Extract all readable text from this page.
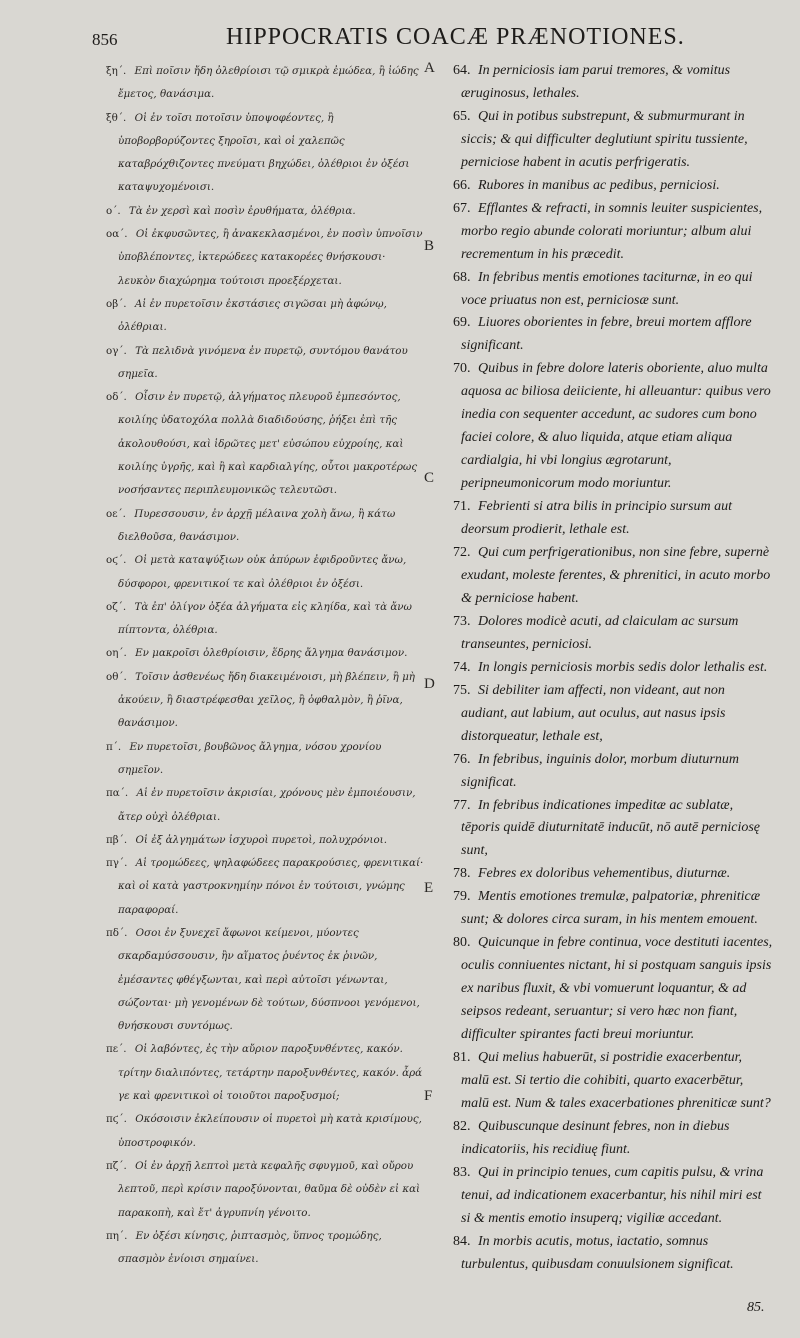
856	HIPPOCRATIS COACÆ PRÆNOTIONES.

ξη΄. Επὶ ποῖσιν ἤδη ὀλεθρίοισι τῷ σμικρὰ ἐμώδεα, ἢ ἰώδης ἔμετος, θανάσιμα.

ξθ΄. Οἱ ἐν τοῖσι ποτοῖσιν ὑποψοφέοντες, ἢ ὑποβορβορύζοντες ξηροῖσι, καὶ οἱ χαλεπῶς καταβρόχθιζοντες πνεύματι βηχώδει, ὀλέθριοι ἐν ὀξέσι καταψυχομένοισι.

ο΄. Τὰ ἐν χερσὶ καὶ ποσὶν ἐρυθήματα, ὀλέθρια.

οα΄. Οἱ ἐκφυσῶντες, ἢ ἀνακεκλασμένοι, ἐν ποσὶν ὑπνοῖσιν ὑποβλέποντες, ἰκτερώδεες κατακορέες θνήσκουσι· λευκὸν διαχώρημα τούτοισι προεξέρχεται.

οβ΄. Αἱ ἐν πυρετοῖσιν ἐκστάσιες σιγῶσαι μὴ ἀφώνῳ, ὀλέθριαι.

ογ΄. Τὰ πελιδνὰ γινόμενα ἐν πυρετῷ, συντόμου θανάτου σημεῖα.

οδ΄. Οἷσιν ἐν πυρετῷ, ἀλγήματος πλευροῦ ἐμπεσόντος, κοιλίης ὑδατοχόλα πολλὰ διαδιδούσης, ῥήξει ἐπὶ τῆς ἀκολουθούσι, καὶ ἱδρῶτες μετ' εὐσώπου εὐχροίης, καὶ κοιλίης ὑγρῆς, καὶ ἢ καὶ καρδιαλγίης, οὗτοι μακροτέρως νοσήσαντες περιπλευμονικῶς τελευτῶσι.

οε΄. Πυρεσσουσιν, ἐν ἀρχῇ μέλαινα χολὴ ἄνω, ἢ κάτω διελθοῦσα, θανάσιμον.

οϛ΄. Οἱ μετὰ καταψύξιων οὐκ ἀπύρων ἐφιδροῦντες ἄνω, δύσφοροι, φρενιτικοί τε καὶ ὀλέθριοι ἐν ὀξέσι.

οζ΄. Τὰ ἐπ' ὀλίγον ὀξέα ἀλγήματα εἰς κληίδα, καὶ τὰ ἄνω πίπτοντα, ὀλέθρια.

οη΄. Εν μακροῖσι ὀλεθρίοισιν, ἕδρης ἄλγημα θανάσιμον.

οθ΄. Τοῖσιν ἀσθενέως ἤδη διακειμένοισι, μὴ βλέπειν, ἢ μὴ ἀκούειν, ἢ διαστρέφεσθαι χεῖλος, ἢ ὀφθαλμὸν, ἢ ῥῖνα, θανάσιμον.

π΄. Εν πυρετοῖσι, βουβῶνος ἄλγημα, νόσου χρονίου σημεῖον.

πα΄. Αἱ ἐν πυρετοῖσιν ἀκρισίαι, χρόνους μὲν ἐμποιέουσιν, ἄτερ οὐχὶ ὀλέθριαι.

πβ΄. Οἱ ἐξ ἀλγημάτων ἰσχυροὶ πυρετοὶ, πολυχρόνιοι.

πγ΄. Αἱ τρομώδεες, ψηλαφώδεες παρακρούσιες, φρενιτικαί· καὶ οἱ κατὰ γαστροκνημίην πόνοι ἐν τούτοισι, γνώμης παραφοραί.

πδ΄. Οσοι ἐν ξυνεχεῖ ἄφωνοι κείμενοι, μύοντες σκαρδαμύσσουσιν, ἢν αἵματος ῥυέντος ἐκ ῥινῶν, ἐμέσαντες φθέγξωνται, καὶ περὶ αὐτοῖσι γένωνται, σώζονται· μὴ γενομένων δὲ τούτων, δύσπνοοι γενόμενοι, θνήσκουσι συντόμως.

πε΄. Οἱ λαβόντες, ἐς τὴν αὔριον παροξυνθέντες, κακόν. τρίτην διαλιπόντες, τετάρτην παροξυνθέντες, κακόν. ἆρά γε καὶ φρενιτικοὶ οἱ τοιοῦτοι παροξυσμοί;

πϛ΄. Οκόσοισιν ἐκλείπουσιν οἱ πυρετοὶ μὴ κατὰ κρισίμους, ὑποστροφικόν.

πζ΄. Οἱ ἐν ἀρχῇ λεπτοὶ μετὰ κεφαλῆς σφυγμοῦ, καὶ οὔρου λεπτοῦ, περὶ κρίσιν παροξύνονται, θαῦμα δὲ οὐδὲν εἰ καὶ παρακοπὴ, καὶ ἔτ' ἀγρυπνίη γένοιτο.

πη΄. Εν ὀξέσι κίνησις, ῥιπτασμὸς, ὕπνος τρομώδης, σπασμὸν ἐνίοισι σημαίνει.

64. In perniciosis iam parui tremores, & vomitus æruginosus, lethales.

65. Qui in potibus substrepunt, & submurmurant in siccis; & qui difficulter deglutiunt spiritu tussiente, perniciose habent in acutis perfrigeratis.

66. Rubores in manibus ac pedibus, perniciosi.

67. Efflantes & refracti, in somnis leuiter suspicientes, morbo regio abunde colorati moriuntur; album alui recrementum in his præcedit.

68. In febribus mentis emotiones taciturnæ, in eo qui voce priuatus non est, perniciosæ sunt.

69. Liuores oborientes in febre, breui mortem afflore significant.

70. Quibus in febre dolore lateris oboriente, aluo multa aquosa ac biliosa deiiciente, hi alleuantur: quibus vero inedia con sequenter accedunt, ac sudores cum bono faciei colore, & aluo liquida, atque etiam aliqua cardialgia, hi vbi longius ægrotarunt, peripneumonicorum modo moriuntur.

71. Febrienti si atra bilis in principio sursum aut deorsum prodierit, lethale est.

72. Qui cum perfrigerationibus, non sine febre, supernè exudant, moleste ferentes, & phrenitici, in acuto morbo & perniciose habent.

73. Dolores modicè acuti, ad claiculam ac sursum transeuntes, perniciosi.

74. In longis perniciosis morbis sedis dolor lethalis est.

75. Si debiliter iam affecti, non videant, aut non audiant, aut labium, aut oculus, aut nasus ipsis distorqueatur, lethale est,

76. In febribus, inguinis dolor, morbum diuturnum significat.

77. In febribus indicationes impeditæ ac sublatæ, tēporis quidē diuturnitatē inducūt, nō autē perniciosę sunt,

78. Febres ex doloribus vehementibus, diuturnæ.

79. Mentis emotiones tremulæ, palpatoriæ, phreniticæ sunt; & dolores circa suram, in his mentem emouent.

80. Quicunque in febre continua, voce destituti iacentes, oculis conniuentes nictant, hi si postquam sanguis ipsis ex naribus fluxit, & vbi vomuerunt loquantur, & ad seipsos redeant, seruantur; si vero hæc non fiant, difficulter spirantes facti breui moriuntur.

81. Qui melius habuerūt, si postridie exacerbentur, malū est. Si tertio die cohibiti, quarto exacerbētur, malū est. Num & tales exacerbationes phreniticæ sunt?

82. Quibuscunque desinunt febres, non in diebus indicatoriis, his recidiuę fiunt.

83. Qui in principio tenues, cum capitis pulsu, & vrina tenui, ad indicationem exacerbantur, his nihil miri est si & mentis emotio insuperq; vigiliæ accedant.

84. In morbis acutis, motus, iactatio, somnus turbulentus, quibusdam conuulsionem significat.

A
B
C
D
E
F
85.
